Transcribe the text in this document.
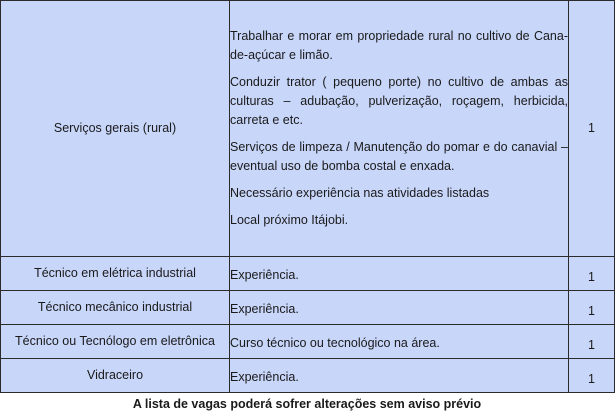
Serviços gerais (rural)	Trabalhar e morar em propriedade rural no cultivo de Cana-de-açúcar e limão.

Conduzir trator ( pequeno porte) no cultivo de ambas as culturas – adubação, pulverização, roçagem, herbicida, carreta e etc.

Serviços de limpeza / Manutenção do pomar e do canavial – eventual uso de bomba costal e enxada.

Necessário experiência nas atividades listadas

Local próximo Itájobi.	1
Técnico em elétrica industrial	Experiência.	1
Técnico mecânico industrial	Experiência.	1
Técnico ou Tecnólogo em eletrônica	Curso técnico ou tecnológico na área.	1
Vidraceiro	Experiência.	1
A lista de vagas poderá sofrer alterações sem aviso prévio
